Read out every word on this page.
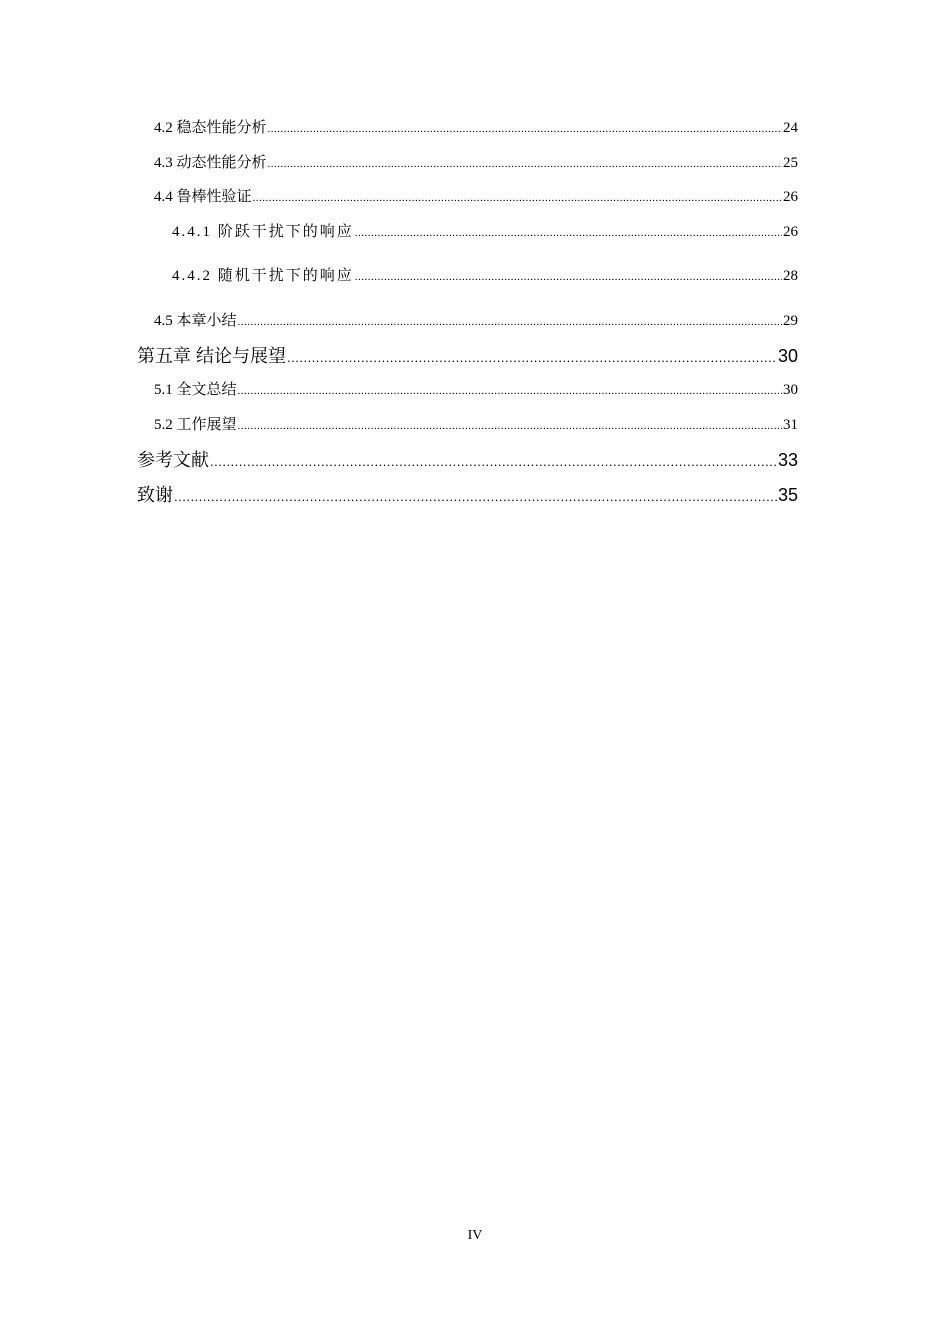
4.2 稳态性能分析 .....	24
4.3 动态性能分析 .....	25
4.4 鲁棒性验证 .....	26
4.4.1 阶跃干扰下的响应 .....	26
4.4.2 随机干扰下的响应 .....	28
4.5 本章小结 .....	29
第五章 结论与展望 .....	30
5.1 全文总结 .....	30
5.2 工作展望 .....	31
参考文献 .....	33
致谢 .....	35
IV
